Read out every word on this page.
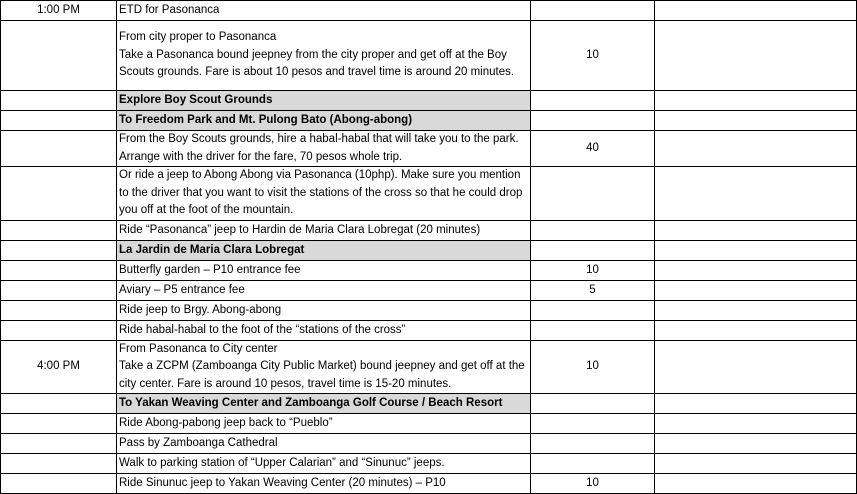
1:00 PM	ETD for Pasonanca		
	From city proper to Pasonanca
Take a Pasonanca bound jeepney from the city proper and get off at the Boy Scouts grounds. Fare is about 10 pesos and travel time is around 20 minutes.	10	
	Explore Boy Scout Grounds		
	To Freedom Park and Mt. Pulong Bato (Abong-abong)		
	From the Boy Scouts grounds, hire a habal-habal that will take you to the park. Arrange with the driver for the fare, 70 pesos whole trip.	40	
	Or ride a jeep to Abong Abong via Pasonanca (10php). Make sure you mention to the driver that you want to visit the stations of the cross so that he could drop you off at the foot of the mountain.		
	Ride “Pasonanca” jeep to Hardin de Maria Clara Lobregat (20 minutes)		
	La Jardin de Maria Clara Lobregat		
	Butterfly garden – P10 entrance fee	10	
	Aviary – P5 entrance fee	5	
	Ride jeep to Brgy. Abong-abong		
	Ride habal-habal to the foot of the “stations of the cross”		
4:00 PM	From Pasonanca to City center
Take a ZCPM (Zamboanga City Public Market) bound jeepney and get off at the city center. Fare is around 10 pesos, travel time is 15-20 minutes.	10	
	To Yakan Weaving Center and Zamboanga Golf Course / Beach Resort		
	Ride Abong-pabong jeep back to “Pueblo”		
	Pass by Zamboanga Cathedral		
	Walk to parking station of “Upper Calarian” and “Sinunuc” jeeps.		
	Ride Sinunuc jeep to Yakan Weaving Center (20 minutes) – P10	10	
